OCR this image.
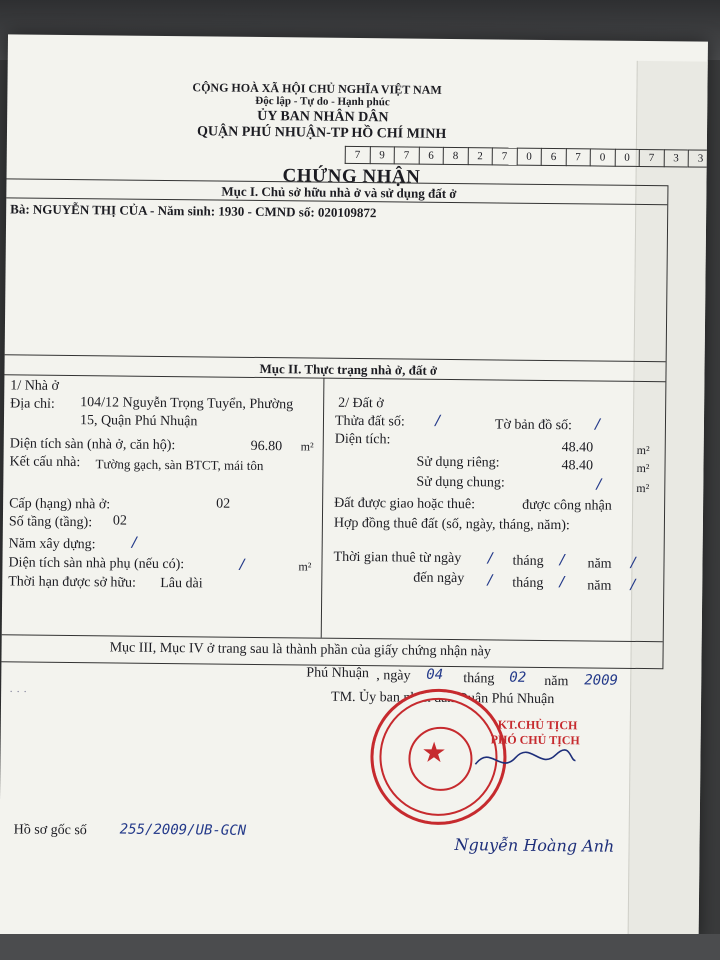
CỘNG HOÀ XÃ HỘI CHỦ NGHĨA VIỆT NAM
Độc lập - Tự do - Hạnh phúc
ỦY BAN NHÂN DÂN
QUẬN PHÚ NHUẬN-TP HỒ CHÍ MINH
7	9	7	6	8	2	7	0	6	7	0	0	7	3	3
CHỨNG NHẬN
Mục I. Chủ sở hữu nhà ở và sử dụng đất ở
Bà: NGUYỄN THỊ CỦA - Năm sinh: 1930 - CMND số: 020109872
Mục II. Thực trạng nhà ở, đất ở
1/ Nhà ở
Địa chỉ: 104/12 Nguyễn Trọng Tuyển, Phường
15, Quận Phú Nhuận
Diện tích sàn (nhà ở, căn hộ):	96.80 m²
Kết cấu nhà: Tường gạch, sàn BTCT, mái tôn
Cấp (hạng) nhà ở:	02
Số tầng (tầng): 02
Năm xây dựng: /
Diện tích sàn nhà phụ (nếu có):	/	m²
Thời hạn được sở hữu: Lâu dài
2/ Đất ở
Thửa đất số: /	Tờ bản đồ số: /
Diện tích:
48.40	m²
Sử dụng riêng:	48.40	m²
Sử dụng chung:	/	m²
Đất được giao hoặc thuê:	được công nhận
Hợp đồng thuê đất (số, ngày, tháng, năm):
Thời gian thuê từ ngày / tháng / năm /
đến ngày / tháng / năm /
Mục III, Mục IV ở trang sau là thành phần của giấy chứng nhận này
Phú Nhuận , ngày 04 tháng 02 năm 2009
TM. Ủy ban nhân dân Quận Phú Nhuận
· · ·
★
KT.CHỦ TỊCH
PHÓ CHỦ TỊCH
Nguyễn Hoàng Anh
Hồ sơ gốc số 255/2009/UB-GCN
